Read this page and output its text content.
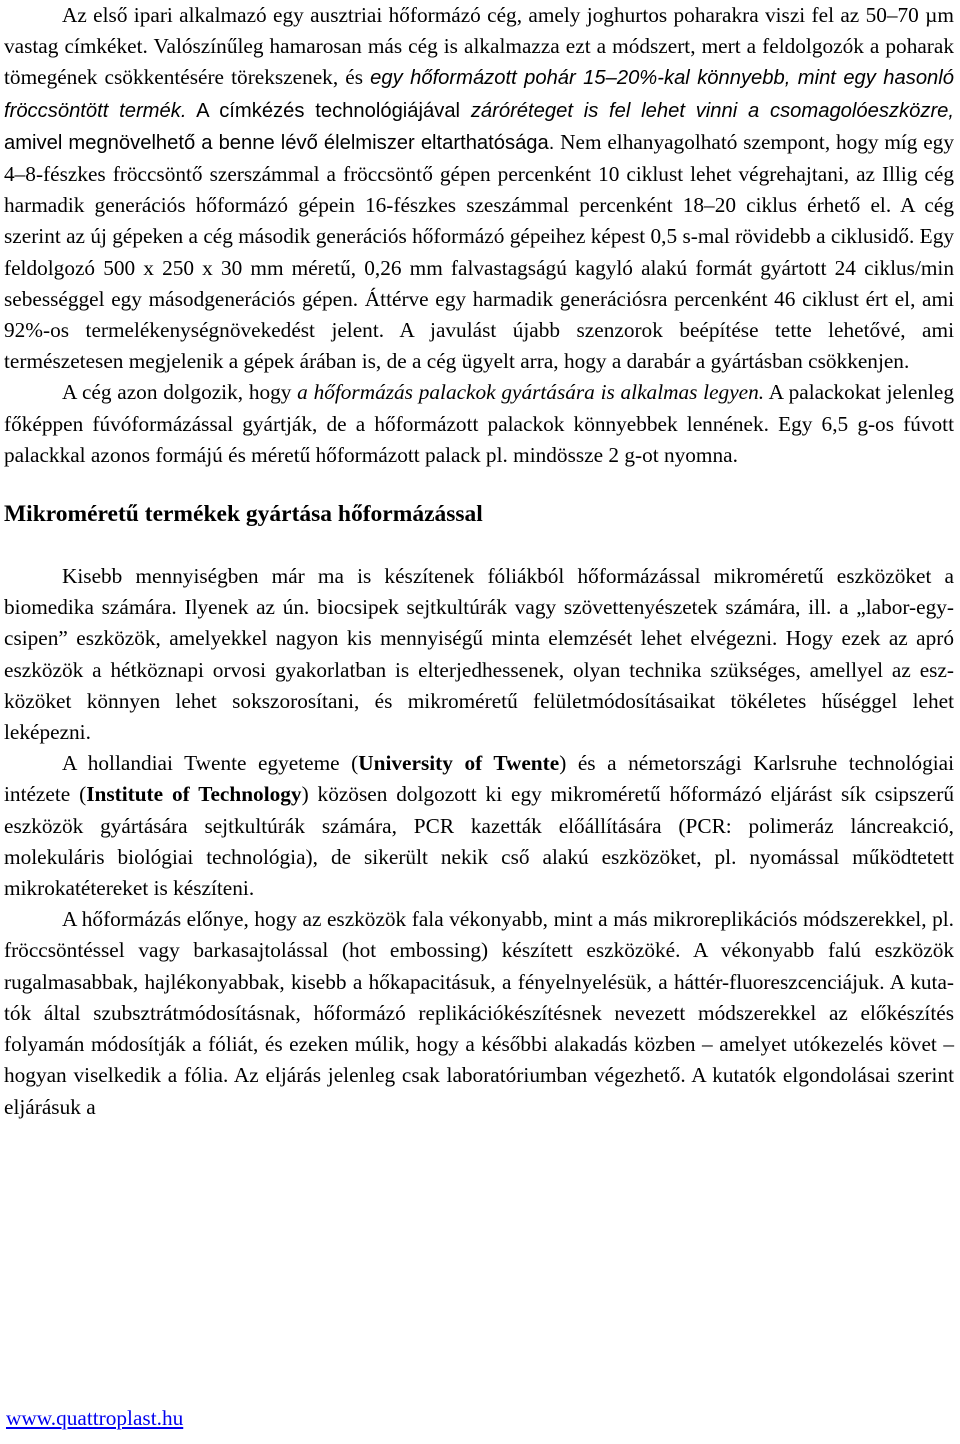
Az első ipari alkalmazó egy ausztriai hőformázó cég, amely joghurtos poharakra viszi fel az 50–70 µm vastag címkéket. Valószínűleg hamarosan más cég is alkalmazza ezt a módszert, mert a feldolgozók a poharak tömegének csökkentésére törekszenek, és egy hőformázott pohár 15–20%-kal könnyebb, mint egy hasonló fröccsöntött termék. A címkézés technológiájával záróréteget is fel lehet vinni a csomagolóeszközre, amivel megnövelhető a benne lévő élelmiszer eltarthatósága. Nem elhanyagolható szempont, hogy míg egy 4–8-fészkes fröccsöntő szerszámmal a fröccsöntő gépen percenként 10 ciklust lehet végrehajtani, az Illig cég harmadik generációs hőformázó gépein 16-fészkes szeszámmal percenként 18–20 ciklus érhető el. A cég szerint az új gépeken a cég második generációs hőformázó gépeihez képest 0,5 s-mal rövidebb a ciklusidő. Egy feldolgozó 500 x 250 x 30 mm méretű, 0,26 mm falvastagságú kagyló alakú formát gyártott 24 ciklus/min sebességgel egy másodgenerációs gépen. Áttérve egy harmadik generációsra percenként 46 ciklust ért el, ami 92%-os termelékenységnövekedést jelent. A javulást újabb szenzorok beépítése tette lehetővé, ami természetesen megjelenik a gépek árában is, de a cég ügyelt arra, hogy a darabár a gyártásban csökkenjen.

A cég azon dolgozik, hogy a hőformázás palackok gyártására is alkalmas legyen. A palackokat jelenleg főképpen fúvóformázással gyártják, de a hőformázott palackok könnyebbek lennének. Egy 6,5 g-os fúvott palackkal azonos formájú és méretű hőformázott palack pl. mindössze 2 g-ot nyomna.

Mikroméretű termékek gyártása hőformázással

Kisebb mennyiségben már ma is készítenek fóliákból hőformázással mikroméretű eszközöket a biomedika számára. Ilyenek az ún. biocsipek sejtkultúrák vagy szövettenyészetek számára, ill. a „labor-egy-csipen” eszközök, amelyekkel nagyon kis mennyiségű minta elemzését lehet elvégezni. Hogy ezek az apró eszközök a hétköznapi orvosi gyakorlatban is elterjedhessenek, olyan technika szükséges, amellyel az eszközöket könnyen lehet sokszorosítani, és mikroméretű felületmódosításaikat tökéletes hűséggel lehet leképezni.

A hollandiai Twente egyeteme (University of Twente) és a németországi Karlsruhe technológiai intézete (Institute of Technology) közösen dolgozott ki egy mikroméretű hőformázó eljárást sík csipszerű eszközök gyártására sejtkultúrák számára, PCR kazetták előállítására (PCR: polimeráz láncreakció, molekuláris biológiai technológia), de sikerült nekik cső alakú eszközöket, pl. nyomással működtetett mikrokatétereket is készíteni.

A hőformázás előnye, hogy az eszközök fala vékonyabb, mint a más mikroreplikációs módszerekkel, pl. fröccsöntéssel vagy barkasajtolással (hot embossing) készített eszközöké. A vékonyabb falú eszközök rugalmasabbak, hajlékonyabbak, kisebb a hőkapacitásuk, a fényelnyelésük, a háttér-fluoreszcenciájuk. A kutatók által szubsztrátmódosításnak, hőformázó replikációkészítésnek nevezett módszerekkel az előkészítés folyamán módosítják a fóliát, és ezeken múlik, hogy a későbbi alakadás közben – amelyet utókezelés követ – hogyan viselkedik a fólia. Az eljárás jelenleg csak laboratóriumban végezhető. A kutatók elgondolásai szerint eljárásuk a

www.quattroplast.hu
